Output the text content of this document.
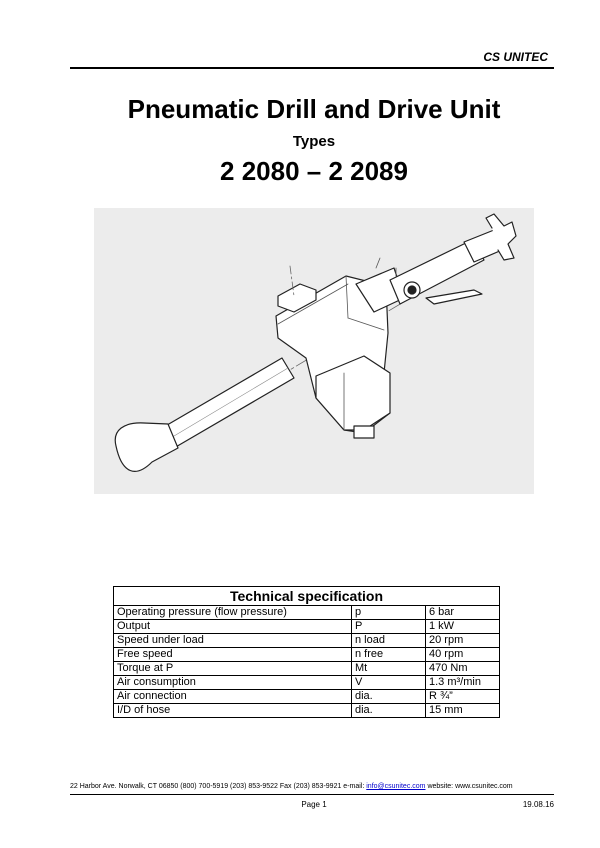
CS UNITEC
Pneumatic Drill and Drive Unit
Types
2 2080 – 2 2089
Technical specification		
Operating pressure (flow pressure)	p	6 bar
Output	P	1 kW
Speed under load	n load	20 rpm
Free speed	n free	40 rpm
Torque at P	Mt	470 Nm
Air consumption	V	1.3 m³/min
Air connection	dia.	R ¾”
I/D of hose	dia.	15 mm
22 Harbor Ave. Norwalk, CT 06850 (800) 700-5919 (203) 853-9522 Fax (203) 853-9921 e-mail: info@csunitec.com website: www.csunitec.com
Page 1	19.08.16
